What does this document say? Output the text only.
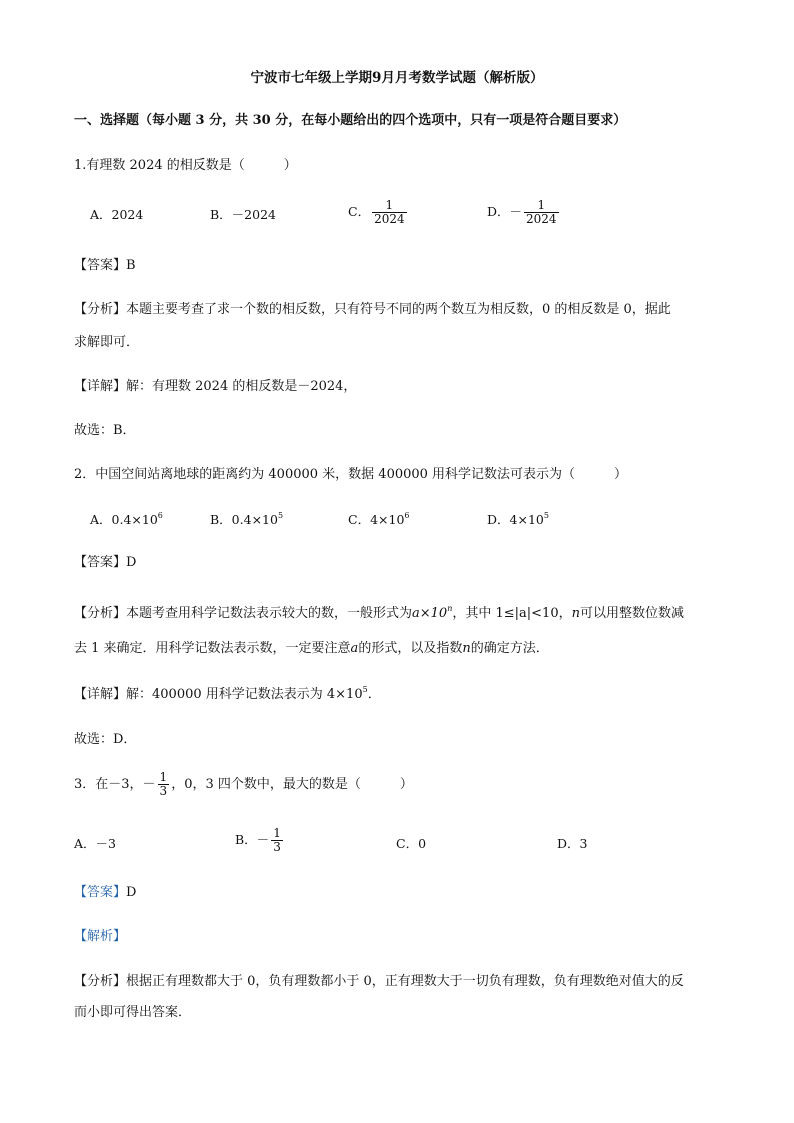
宁波市七年级上学期9月月考数学试题（解析版）
一、选择题（每小题 3 分，共 30 分，在每小题给出的四个选项中，只有一项是符合题目要求）
1.有理数 2024 的相反数是（　　　）
A．2024	B．－2024	C． $\frac{1}{2024}$	D．－ $\frac{1}{2024}$
【答案】B
【分析】本题主要考查了求一个数的相反数，只有符号不同的两个数互为相反数，0 的相反数是 0，据此
求解即可．
【详解】解：有理数 2024 的相反数是－2024，
故选：B．
2．中国空间站离地球的距离约为 400000 米，数据 400000 用科学记数法可表示为（　　　）
A．$0.4\times 10^6$	B．$0.4\times 10^5$	C．$4\times 10^6$	D．$4\times 10^5$
【答案】D
【分析】本题考查用科学记数法表示较大的数，一般形式为$a\times 10^n$，其中 1≤|a|<10，n可以用整数位数减
去 1 来确定．用科学记数法表示数，一定要注意a的形式，以及指数n的确定方法．
【详解】解：400000 用科学记数法表示为 $4\times 10^5$．
故选：D．
3．在－3，－ $\frac{1}{3}$ ，0，3 四个数中，最大的数是（　　　）
A．－3	B．－ $\frac{1}{3}$	C．0	D．3
【答案】D
【解析】
【分析】根据正有理数都大于 0，负有理数都小于 0，正有理数大于一切负有理数，负有理数绝对值大的反
而小即可得出答案．
